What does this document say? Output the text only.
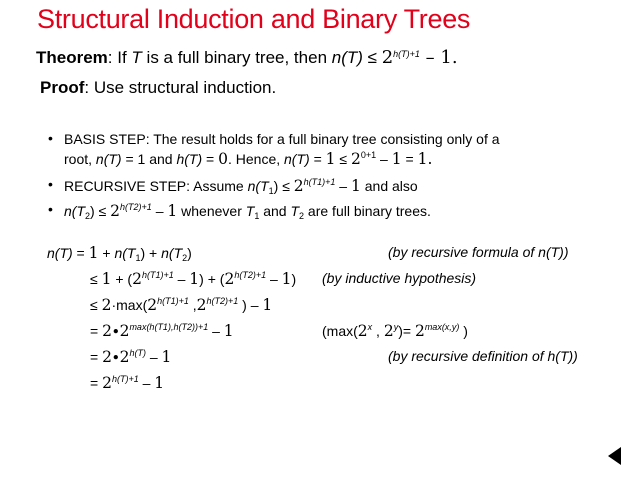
Structural Induction and Binary Trees
Theorem: If T is a full binary tree, then $n(T) \le 2^{h(T)+1} - 1$.
Proof: Use structural induction.
• BASIS STEP: The result holds for a full binary tree consisting only of a
root, n(T) = 1 and h(T) = 0. Hence, $n(T) = 1 \le 2^{0+1} - 1 = 1$.
• RECURSIVE STEP: Assume $n(T_1) \le 2^{h(T1)+1} - 1$ and also
• $n(T_2) \le 2^{h(T2)+1} - 1$ whenever $T_1$ and $T_2$ are full binary trees.
$n(T) = 1 + n(T_1) + n(T_2)$	(by recursive formula of n(T))
≤ $1 + (2^{h(T1)+1} - 1) + (2^{h(T2)+1} - 1)$ (by inductive hypothesis)
≤ $2\cdot\max(2^{h(T1)+1}$ $,2^{h(T2)+1}$ ) – 1
= $2\cdot 2^{max(h(T1),h(T2))+1} - 1$	(max(2$^x$ , $2^y)= 2^{max(x,y)}$ )
= $2\cdot 2^{h(T)} - 1$	(by recursive definition of h(T))
= $2^{h(T)+1} - 1$
